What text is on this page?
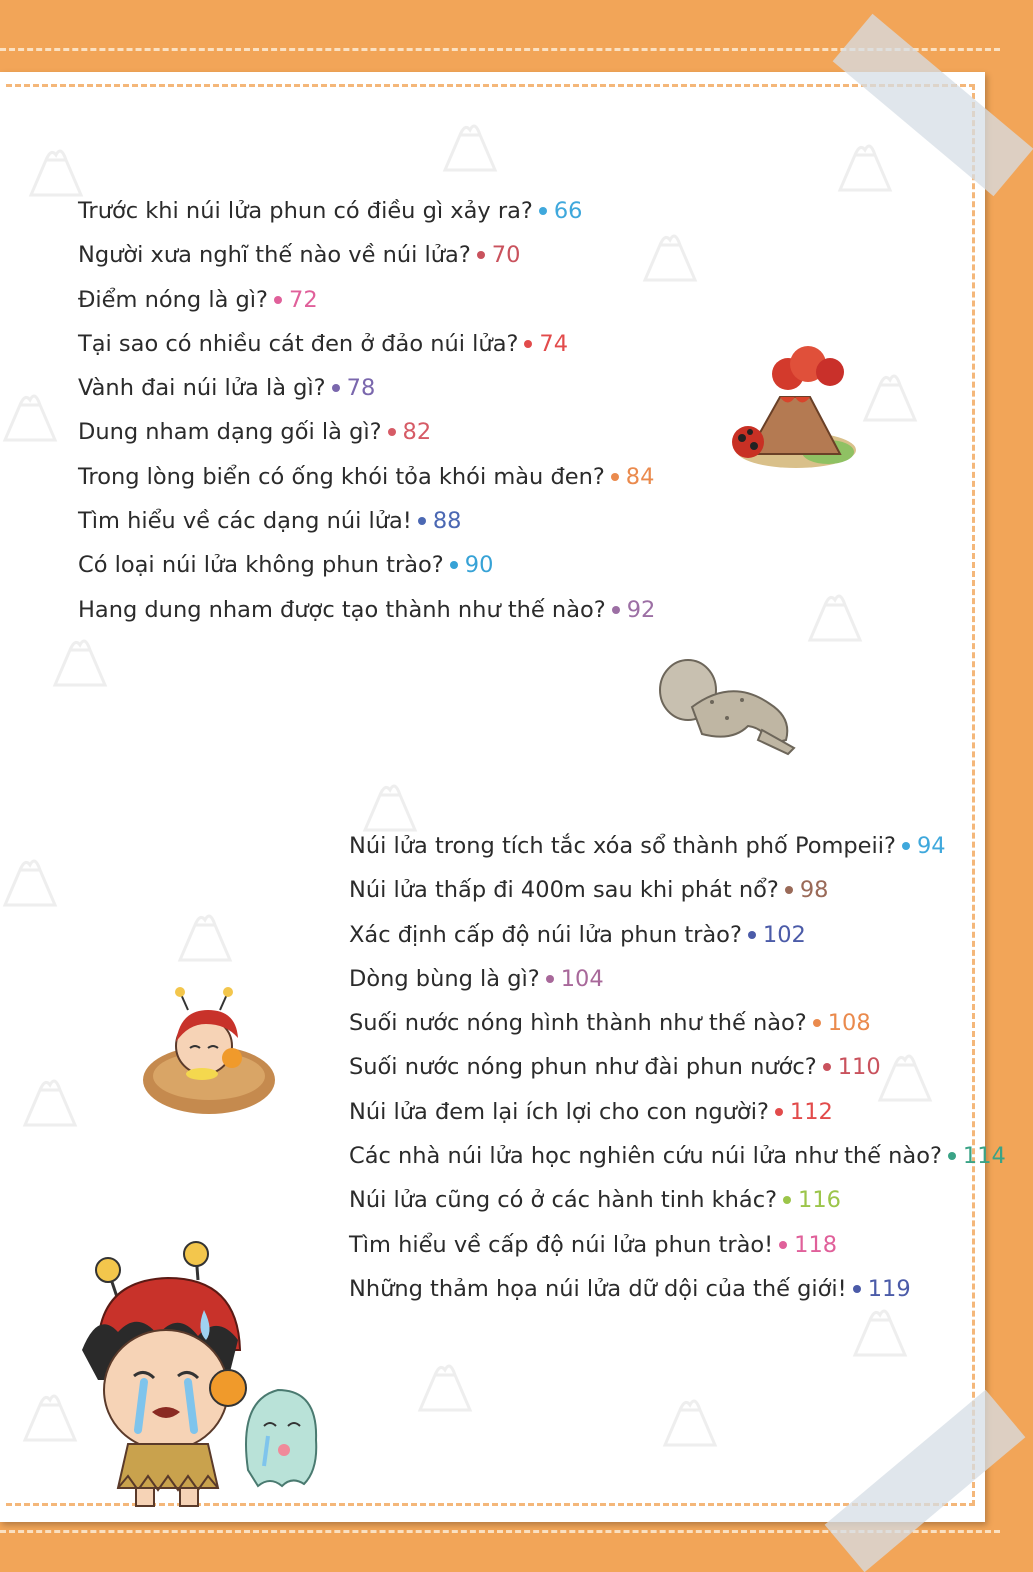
Trước khi núi lửa phun có điều gì xảy ra? 66
Người xưa nghĩ thế nào về núi lửa? 70
Điểm nóng là gì? 72
Tại sao có nhiều cát đen ở đảo núi lửa? 74
Vành đai núi lửa là gì? 78
Dung nham dạng gối là gì? 82
Trong lòng biển có ống khói tỏa khói màu đen? 84
Tìm hiểu về các dạng núi lửa! 88
Có loại núi lửa không phun trào? 90
Hang dung nham được tạo thành như thế nào? 92
Núi lửa trong tích tắc xóa sổ thành phố Pompeii? 94
Núi lửa thấp đi 400m sau khi phát nổ? 98
Xác định cấp độ núi lửa phun trào? 102
Dòng bùng là gì? 104
Suối nước nóng hình thành như thế nào? 108
Suối nước nóng phun như đài phun nước? 110
Núi lửa đem lại ích lợi cho con người? 112
Các nhà núi lửa học nghiên cứu núi lửa như thế nào? 114
Núi lửa cũng có ở các hành tinh khác? 116
Tìm hiểu về cấp độ núi lửa phun trào! 118
Những thảm họa núi lửa dữ dội của thế giới! 119
